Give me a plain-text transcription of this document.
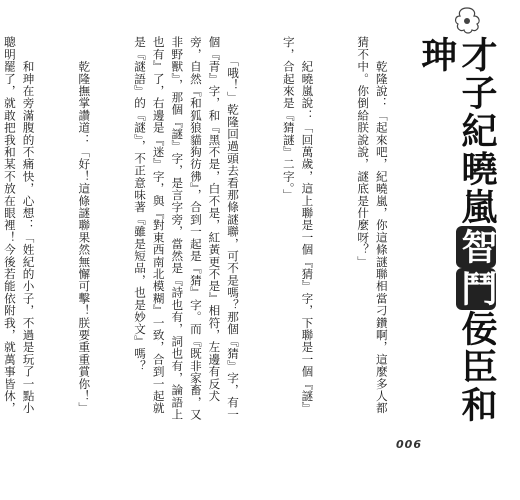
才子紀曉嵐智鬥佞臣和珅

　　乾隆說：「起來吧，紀曉嵐，你這條謎聯相當刁鑽啊，這麼多人都猜不中。你倒給朕說說，謎底是什麼呀？」

　　紀曉嵐說：「回萬歲，這上聯是一個『猜』字，下聯是一個『謎』字，合起來是『猜謎』二字。」

　　「哦！」乾隆回過頭去看那條謎聯，可不是嗎？那個『猜』字，有一個『青』字，和『黑不是，白不是，紅黃更不是』相符，左邊有反犬旁，自然『和狐狼貓狗彷彿』，合到一起是『猜』字。而『既非家畜，又非野獸』，那個『謎』字，是言字旁，當然是『詩也有，詞也有，論語上也有』了，右邊是『迷』字，與『對東西南北模糊』一致，合到一起就是『謎語』的『謎』，不正意味著『雖是短品，也是妙文』嗎？

　　乾隆撫掌讚道：「好！這條謎聯果然無懈可擊！朕要重重賞你！」

　　和珅在旁滿腹的不痛快，心想：「姓紀的小子，不過是玩了一點小聰明罷了，就敢把我和某不放在眼裡！今後若能依附我，就萬事皆休，

006
